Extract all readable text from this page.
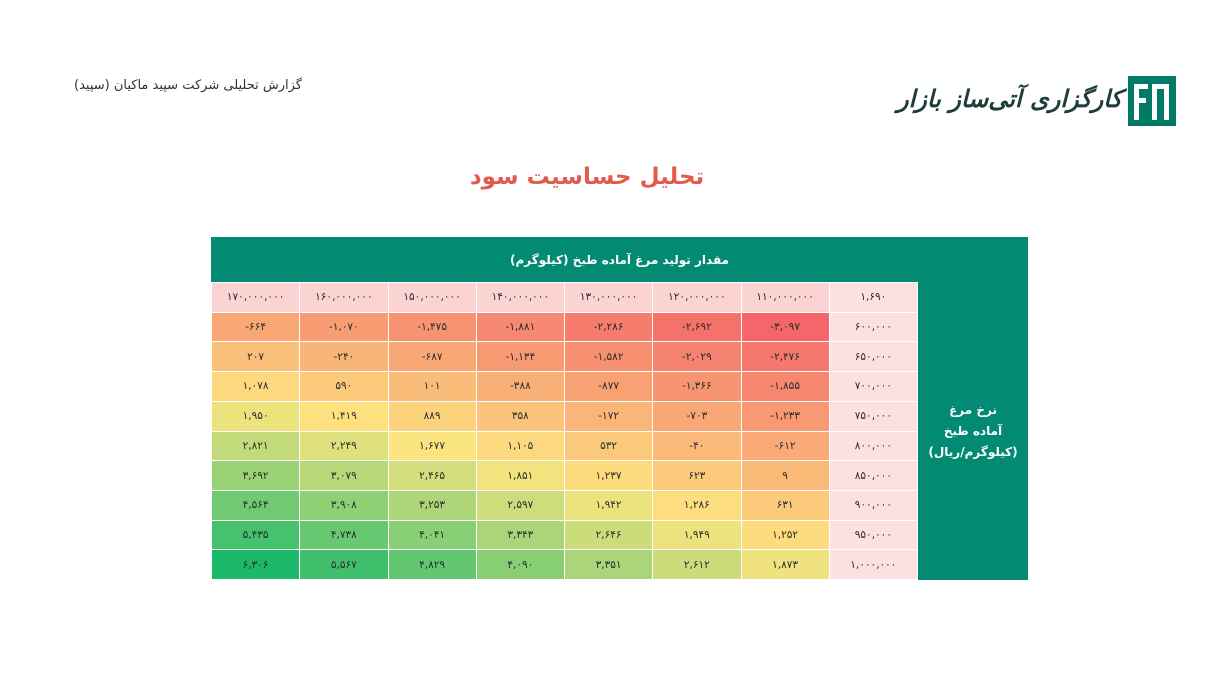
گزارش تحلیلی شرکت سپید ماکیان (سپید)	کارگزاری آتی‌ساز بازار
تحلیل حساسیت سود
مقدار تولید مرغ آماده طبخ (کیلوگرم)
نرخ مرغ
آماده طبخ
(کیلوگرم/ریال)
۱۷۰,۰۰۰,۰۰۰	۱۶۰,۰۰۰,۰۰۰	۱۵۰,۰۰۰,۰۰۰	۱۴۰,۰۰۰,۰۰۰	۱۳۰,۰۰۰,۰۰۰	۱۲۰,۰۰۰,۰۰۰	۱۱۰,۰۰۰,۰۰۰	۱,۶۹۰
-۶۶۴	-۱,۰۷۰	-۱,۴۷۵	-۱,۸۸۱	-۲,۲۸۶	-۲,۶۹۲	-۳,۰۹۷	۶۰۰,۰۰۰
۲۰۷	-۲۴۰	-۶۸۷	-۱,۱۳۴	-۱,۵۸۲	-۲,۰۲۹	-۲,۴۷۶	۶۵۰,۰۰۰
۱,۰۷۸	۵۹۰	۱۰۱	-۳۸۸	-۸۷۷	-۱,۳۶۶	-۱,۸۵۵	۷۰۰,۰۰۰
۱,۹۵۰	۱,۴۱۹	۸۸۹	۳۵۸	-۱۷۲	-۷۰۳	-۱,۲۳۳	۷۵۰,۰۰۰
۲,۸۲۱	۲,۲۴۹	۱,۶۷۷	۱,۱۰۵	۵۳۲	-۴۰	-۶۱۲	۸۰۰,۰۰۰
۳,۶۹۲	۳,۰۷۹	۲,۴۶۵	۱,۸۵۱	۱,۲۳۷	۶۲۳	۹	۸۵۰,۰۰۰
۴,۵۶۴	۳,۹۰۸	۳,۲۵۳	۲,۵۹۷	۱,۹۴۲	۱,۲۸۶	۶۳۱	۹۰۰,۰۰۰
۵,۴۳۵	۴,۷۳۸	۴,۰۴۱	۳,۳۴۳	۲,۶۴۶	۱,۹۴۹	۱,۲۵۲	۹۵۰,۰۰۰
۶,۳۰۶	۵,۵۶۷	۴,۸۲۹	۴,۰۹۰	۳,۳۵۱	۲,۶۱۲	۱,۸۷۳	۱,۰۰۰,۰۰۰
